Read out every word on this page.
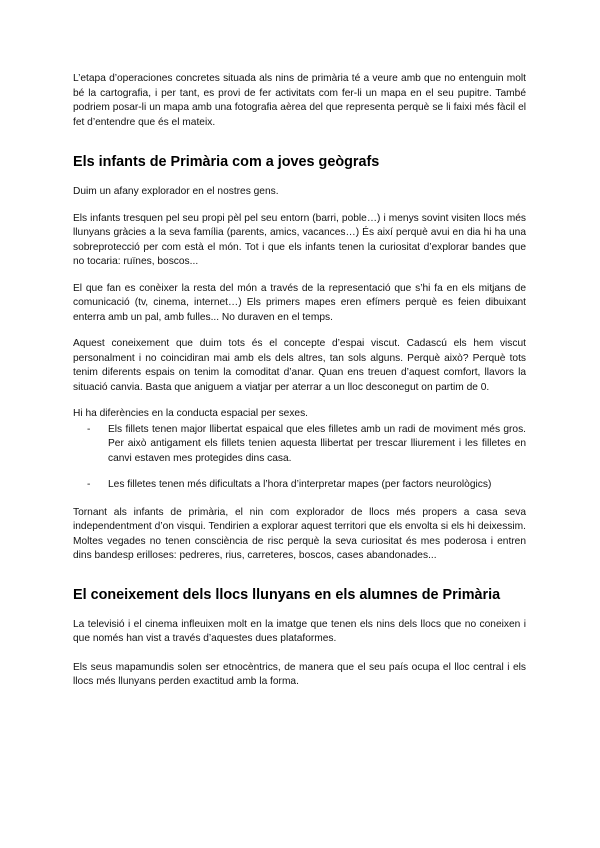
L’etapa d’operaciones concretes situada als nins de primària té a veure amb que no entenguin molt bé la cartografia, i per tant, es provi de fer activitats com fer-li un mapa en el seu pupitre. També podriem posar-li un mapa amb una fotografia aèrea del que representa perquè se li faixi més fàcil el fet d’entendre que és el mateix.

Els infants de Primària com a joves geògrafs

Duim un afany explorador en el nostres gens.

Els infants tresquen pel seu propi pèl pel seu entorn (barri, poble…) i menys sovint visiten llocs més llunyans gràcies a la seva família (parents, amics, vacances…) És així perquè avui en dia hi ha una sobreprotecció per com està el món. Tot i que els infants tenen la curiositat d’explorar bandes que no tocaria: ruïnes, boscos...

El que fan es conèixer la resta del món a través de la representació que s’hi fa en els mitjans de comunicació (tv, cinema, internet…) Els primers mapes eren efímers perquè es feien dibuixant enterra amb un pal, amb fulles... No duraven en el temps.

Aquest coneixement que duim tots és el concepte d’espai viscut. Cadascú els hem viscut personalment i no coincidiran mai amb els dels altres, tan sols alguns. Perquè això? Perquè tots tenim diferents espais on tenim la comoditat d’anar. Quan ens treuen d’aquest comfort, llavors la situació canvia. Basta que aniguem a viatjar per aterrar a un lloc desconegut on partim de 0.

Hi ha diferències en la conducta espacial per sexes.

- Els fillets tenen major llibertat espaical que eles filletes amb un radi de moviment més gros. Per això antigament els fillets tenien aquesta llibertat per trescar lliurement i les filletes en canvi estaven mes protegides dins casa.
- Les filletes tenen més dificultats a l’hora d’interpretar mapes (per factors neurològics)

Tornant als infants de primària, el nin com explorador de llocs més propers a casa seva independentment d’on visqui. Tendirien a explorar aquest territori que els envolta si els hi deixessim. Moltes vegades no tenen consciència de risc perquè la seva curiositat és mes poderosa i entren dins bandesp erilloses: pedreres, rius, carreteres, boscos, cases abandonades...

El coneixement dels llocs llunyans en els alumnes de Primària

La televisió i el cinema infleuixen molt en la imatge que tenen els nins dels llocs que no coneixen i que només han vist a través d’aquestes dues plataformes.

Els seus mapamundis solen ser etnocèntrics, de manera que el seu país ocupa el lloc central i els llocs més llunyans perden exactitud amb la forma.
